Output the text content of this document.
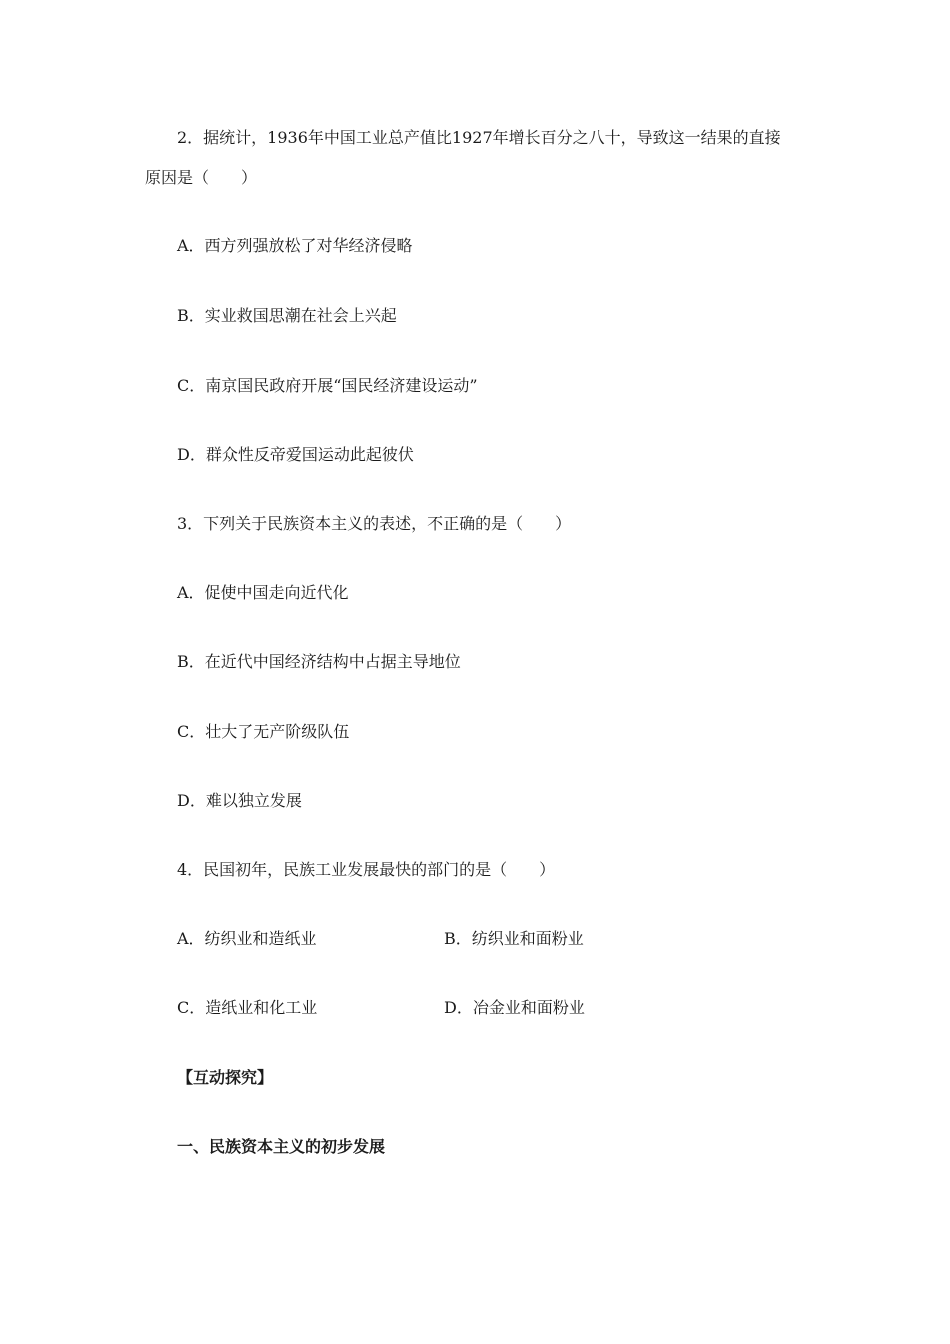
2．据统计，1936年中国工业总产值比1927年增长百分之八十，导致这一结果的直接
原因是（　　）
A．西方列强放松了对华经济侵略
B．实业救国思潮在社会上兴起
C．南京国民政府开展“国民经济建设运动”
D．群众性反帝爱国运动此起彼伏
3．下列关于民族资本主义的表述，不正确的是（　　）
A．促使中国走向近代化
B．在近代中国经济结构中占据主导地位
C．壮大了无产阶级队伍
D．难以独立发展
4．民国初年，民族工业发展最快的部门的是（　　）
A．纺织业和造纸业	B．纺织业和面粉业
C．造纸业和化工业	D．冶金业和面粉业
【互动探究】
一、民族资本主义的初步发展
